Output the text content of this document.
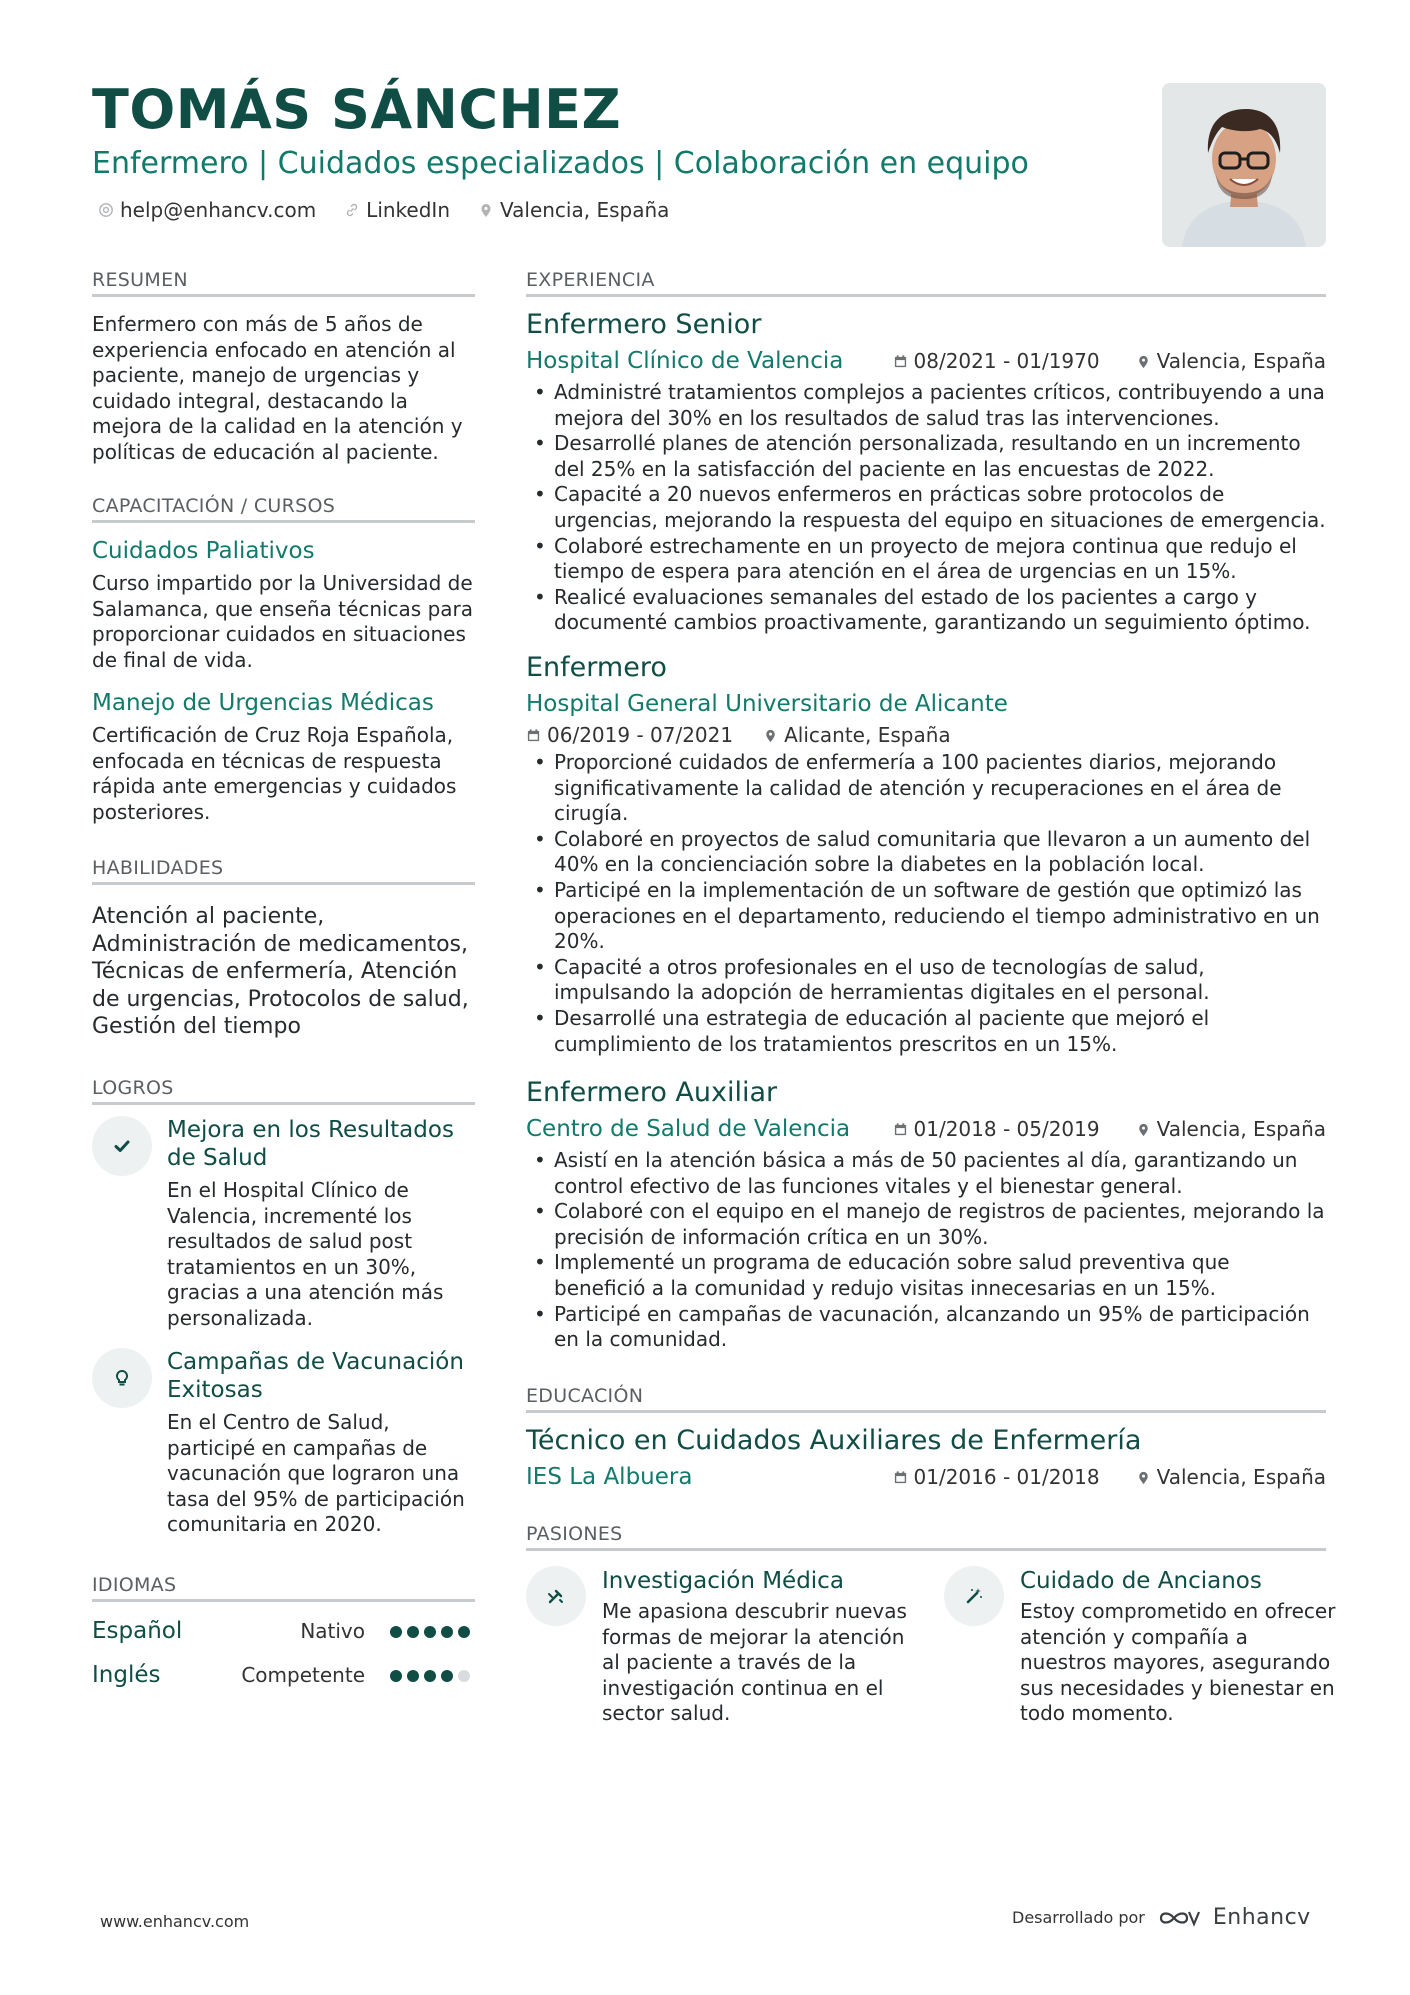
TOMÁS SÁNCHEZ
Enfermero | Cuidados especializados | Colaboración en equipo
help@enhancv.com	LinkedIn	Valencia, España
RESUMEN
Enfermero con más de 5 años de experiencia enfocado en atención al paciente, manejo de urgencias y cuidado integral, destacando la mejora de la calidad en la atención y políticas de educación al paciente.
CAPACITACIÓN / CURSOS
Cuidados Paliativos
Curso impartido por la Universidad de Salamanca, que enseña técnicas para proporcionar cuidados en situaciones de final de vida.
Manejo de Urgencias Médicas
Certificación de Cruz Roja Española, enfocada en técnicas de respuesta rápida ante emergencias y cuidados posteriores.
HABILIDADES
Atención al paciente, Administración de medicamentos, Técnicas de enfermería, Atención de urgencias, Protocolos de salud, Gestión del tiempo
LOGROS
Mejora en los Resultados de Salud
En el Hospital Clínico de Valencia, incrementé los resultados de salud post tratamientos en un 30%, gracias a una atención más personalizada.
Campañas de Vacunación Exitosas
En el Centro de Salud, participé en campañas de vacunación que lograron una tasa del 95% de participación comunitaria en 2020.
IDIOMAS
Español	Nativo
Inglés	Competente
EXPERIENCIA
Enfermero Senior
Hospital Clínico de Valencia	08/2021 - 01/1970	Valencia, España
• Administré tratamientos complejos a pacientes críticos, contribuyendo a una mejora del 30% en los resultados de salud tras las intervenciones.
• Desarrollé planes de atención personalizada, resultando en un incremento del 25% en la satisfacción del paciente en las encuestas de 2022.
• Capacité a 20 nuevos enfermeros en prácticas sobre protocolos de urgencias, mejorando la respuesta del equipo en situaciones de emergencia.
• Colaboré estrechamente en un proyecto de mejora continua que redujo el tiempo de espera para atención en el área de urgencias en un 15%.
• Realicé evaluaciones semanales del estado de los pacientes a cargo y documenté cambios proactivamente, garantizando un seguimiento óptimo.
Enfermero
Hospital General Universitario de Alicante
06/2019 - 07/2021	Alicante, España
• Proporcioné cuidados de enfermería a 100 pacientes diarios, mejorando significativamente la calidad de atención y recuperaciones en el área de cirugía.
• Colaboré en proyectos de salud comunitaria que llevaron a un aumento del 40% en la concienciación sobre la diabetes en la población local.
• Participé en la implementación de un software de gestión que optimizó las operaciones en el departamento, reduciendo el tiempo administrativo en un 20%.
• Capacité a otros profesionales en el uso de tecnologías de salud, impulsando la adopción de herramientas digitales en el personal.
• Desarrollé una estrategia de educación al paciente que mejoró el cumplimiento de los tratamientos prescritos en un 15%.
Enfermero Auxiliar
Centro de Salud de Valencia	01/2018 - 05/2019	Valencia, España
• Asistí en la atención básica a más de 50 pacientes al día, garantizando un control efectivo de las funciones vitales y el bienestar general.
• Colaboré con el equipo en el manejo de registros de pacientes, mejorando la precisión de información crítica en un 30%.
• Implementé un programa de educación sobre salud preventiva que benefició a la comunidad y redujo visitas innecesarias en un 15%.
• Participé en campañas de vacunación, alcanzando un 95% de participación en la comunidad.
EDUCACIÓN
Técnico en Cuidados Auxiliares de Enfermería
IES La Albuera	01/2016 - 01/2018	Valencia, España
PASIONES
Investigación Médica
Me apasiona descubrir nuevas formas de mejorar la atención al paciente a través de la investigación continua en el sector salud.
Cuidado de Ancianos
Estoy comprometido en ofrecer atención y compañía a nuestros mayores, asegurando sus necesidades y bienestar en todo momento.
www.enhancv.com	Desarrollado por	Enhancv
